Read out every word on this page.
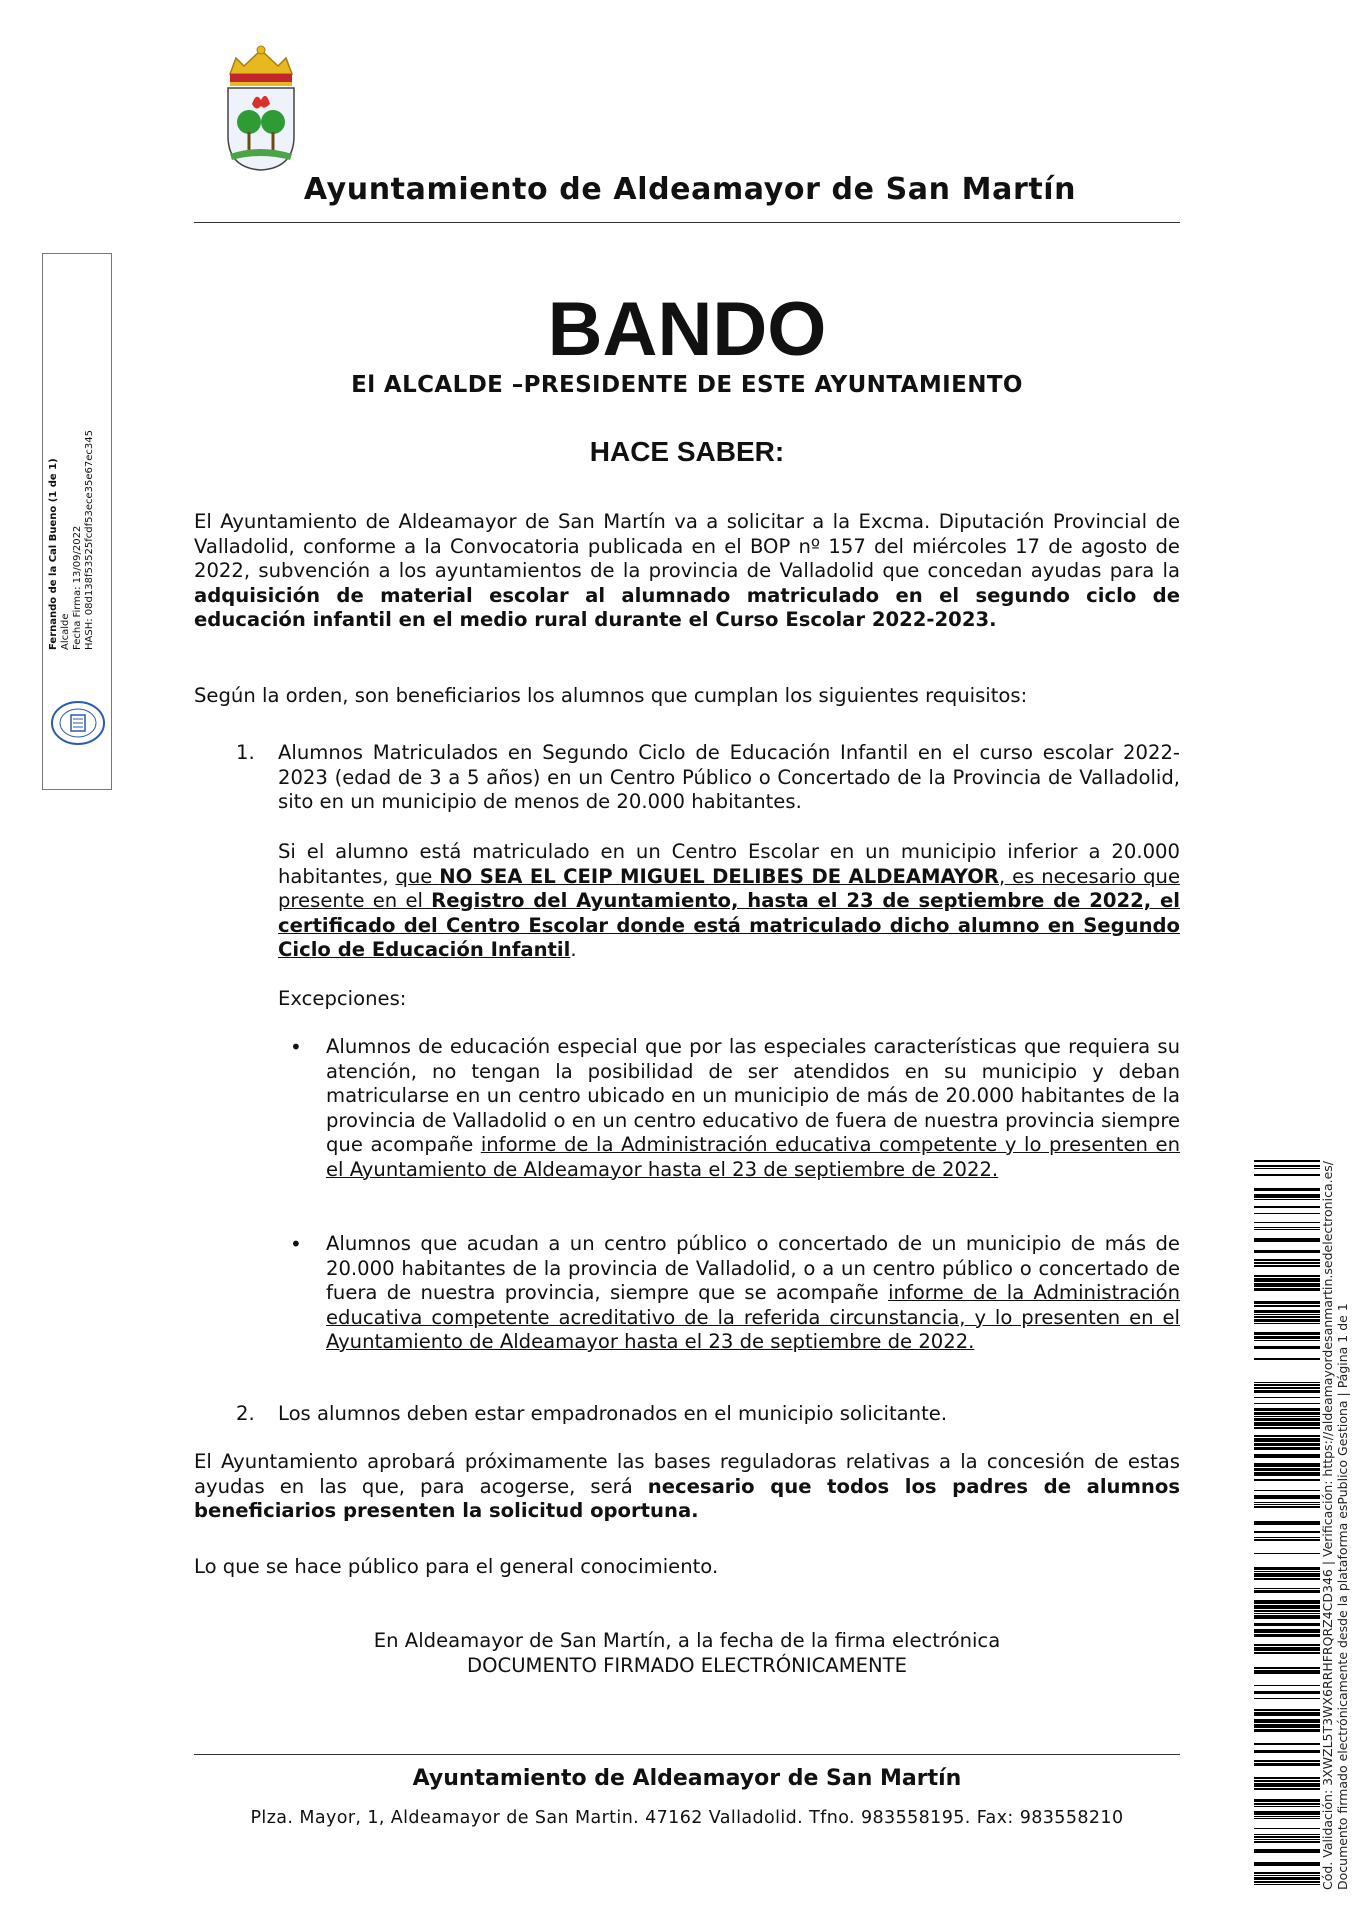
Ayuntamiento de Aldeamayor de San Martín
BANDO
El ALCALDE –PRESIDENTE DE ESTE AYUNTAMIENTO
HACE SABER:
El Ayuntamiento de Aldeamayor de San Martín va a solicitar a la Excma. Diputación Provincial de Valladolid, conforme a la Convocatoria publicada en el BOP nº 157 del miércoles 17 de agosto de 2022, subvención a los ayuntamientos de la provincia de Valladolid que concedan ayudas para la adquisición de material escolar al alumnado matriculado en el segundo ciclo de educación infantil en el medio rural durante el Curso Escolar 2022-2023.
Según la orden, son beneficiarios los alumnos que cumplan los siguientes requisitos:
1. Alumnos Matriculados en Segundo Ciclo de Educación Infantil en el curso escolar 2022-2023 (edad de 3 a 5 años) en un Centro Público o Concertado de la Provincia de Valladolid, sito en un municipio de menos de 20.000 habitantes.
Si el alumno está matriculado en un Centro Escolar en un municipio inferior a 20.000 habitantes, que NO SEA EL CEIP MIGUEL DELIBES DE ALDEAMAYOR, es necesario que presente en el Registro del Ayuntamiento, hasta el 23 de septiembre de 2022, el certificado del Centro Escolar donde está matriculado dicho alumno en Segundo Ciclo de Educación Infantil.
Excepciones:
• Alumnos de educación especial que por las especiales características que requiera su atención, no tengan la posibilidad de ser atendidos en su municipio y deban matricularse en un centro ubicado en un municipio de más de 20.000 habitantes de la provincia de Valladolid o en un centro educativo de fuera de nuestra provincia siempre que acompañe informe de la Administración educativa competente y lo presenten en el Ayuntamiento de Aldeamayor hasta el 23 de septiembre de 2022.
• Alumnos que acudan a un centro público o concertado de un municipio de más de 20.000 habitantes de la provincia de Valladolid, o a un centro público o concertado de fuera de nuestra provincia, siempre que se acompañe informe de la Administración educativa competente acreditativo de la referida circunstancia, y lo presenten en el Ayuntamiento de Aldeamayor hasta el 23 de septiembre de 2022.
2. Los alumnos deben estar empadronados en el municipio solicitante.
El Ayuntamiento aprobará próximamente las bases reguladoras relativas a la concesión de estas ayudas en las que, para acogerse, será necesario que todos los padres de alumnos beneficiarios presenten la solicitud oportuna.
Lo que se hace público para el general conocimiento.
En Aldeamayor de San Martín, a la fecha de la firma electrónica
DOCUMENTO FIRMADO ELECTRÓNICAMENTE
Ayuntamiento de Aldeamayor de San Martín
Plza. Mayor, 1, Aldeamayor de San Martin. 47162 Valladolid. Tfno. 983558195. Fax: 983558210
Fernando de la Cal Bueno (1 de 1) Alcalde Fecha Firma: 13/09/2022 HASH: 08d138f53525fcdf53ece35e67ec345
Cód. Validación: 3XWZL5T3WX6RRHFRQRZ4CD346 | Verificación: https://aldeamayordesanmartin.sedelectronica.es/ Documento firmado electrónicamente desde la plataforma esPublico Gestiona | Página 1 de 1
